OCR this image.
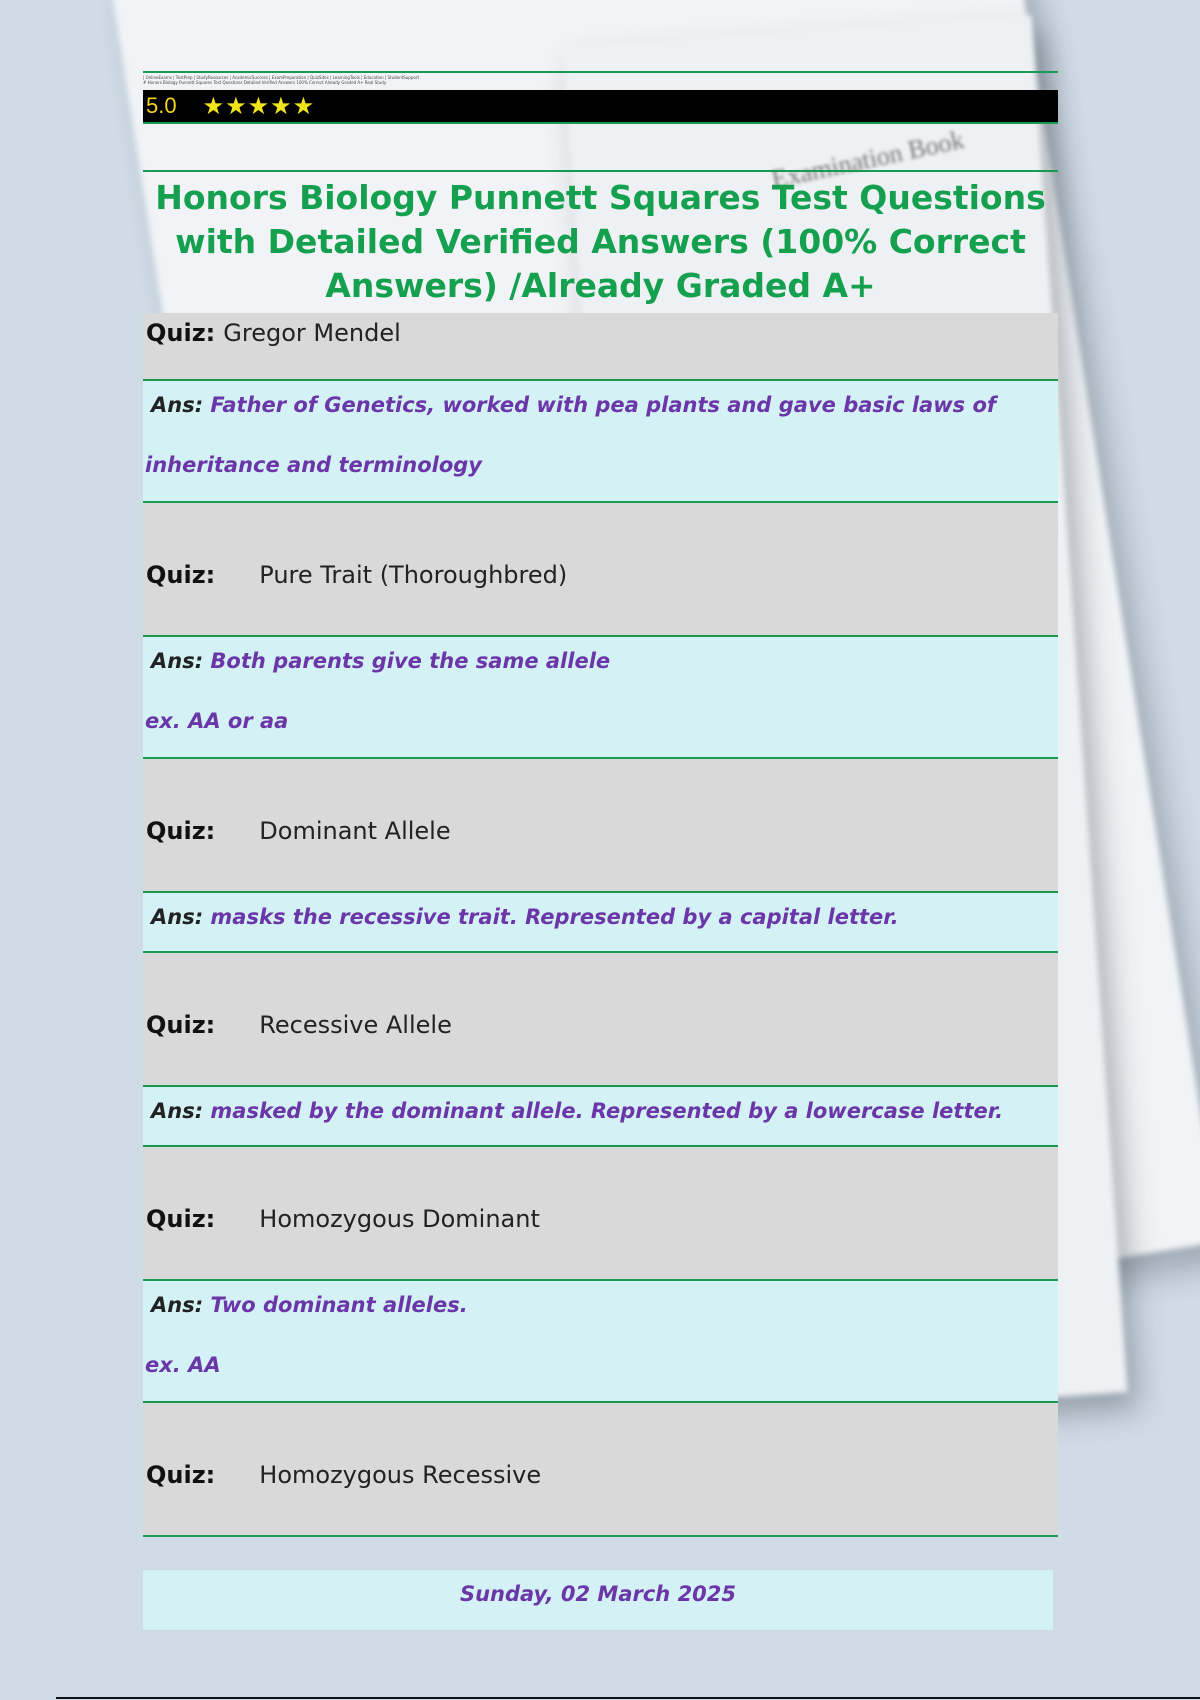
Examination Book
| OnlineExams | TestPrep | StudyResources | AcademicSuccess | ExamPreparation | QuizSites | LearningTools | Education | StudentSupport
# Honors Biology Punnett Squares Test Questions Detailed Verified Answers 100% Correct Already Graded A+ Real Study
5.0 ★★★★★
Honors Biology Punnett Squares Test Questions with Detailed Verified Answers (100% Correct Answers) /Already Graded A+
Quiz: Gregor Mendel
Ans: Father of Genetics, worked with pea plants and gave basic laws of
inheritance and terminology
Quiz: Pure Trait (Thoroughbred)
Ans: Both parents give the same allele
ex. AA or aa
Quiz: Dominant Allele
Ans: masks the recessive trait. Represented by a capital letter.
Quiz: Recessive Allele
Ans: masked by the dominant allele. Represented by a lowercase letter.
Quiz: Homozygous Dominant
Ans: Two dominant alleles.
ex. AA
Quiz: Homozygous Recessive
Sunday, 02 March 2025
